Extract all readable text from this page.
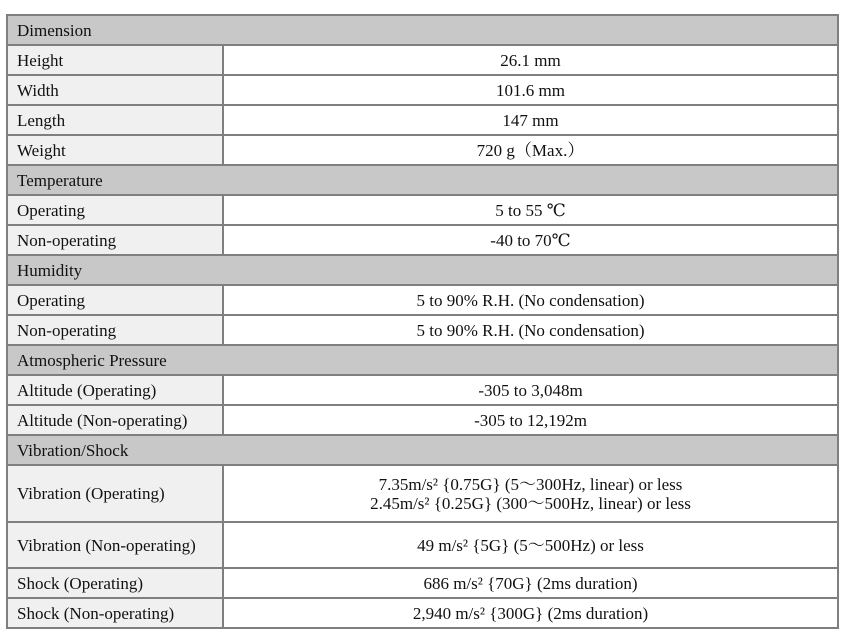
Dimension	
Height	26.1 mm
Width	101.6 mm
Length	147 mm
Weight	720 g（Max.）
Temperature	
Operating	5 to 55 ℃
Non-operating	-40 to 70℃
Humidity	
Operating	5 to 90% R.H. (No condensation)
Non-operating	5 to 90% R.H. (No condensation)
Atmospheric Pressure	
Altitude (Operating)	-305 to 3,048m
Altitude (Non-operating)	-305 to 12,192m
Vibration/Shock	
Vibration (Operating)	7.35m/s² {0.75G} (5～300Hz, linear) or less
2.45m/s² {0.25G} (300～500Hz, linear) or less

Vibration (Non-operating)	49 m/s² {5G} (5～500Hz) or less
Shock (Operating)	686 m/s² {70G} (2ms duration)
Shock (Non-operating)	2,940 m/s² {300G} (2ms duration)
